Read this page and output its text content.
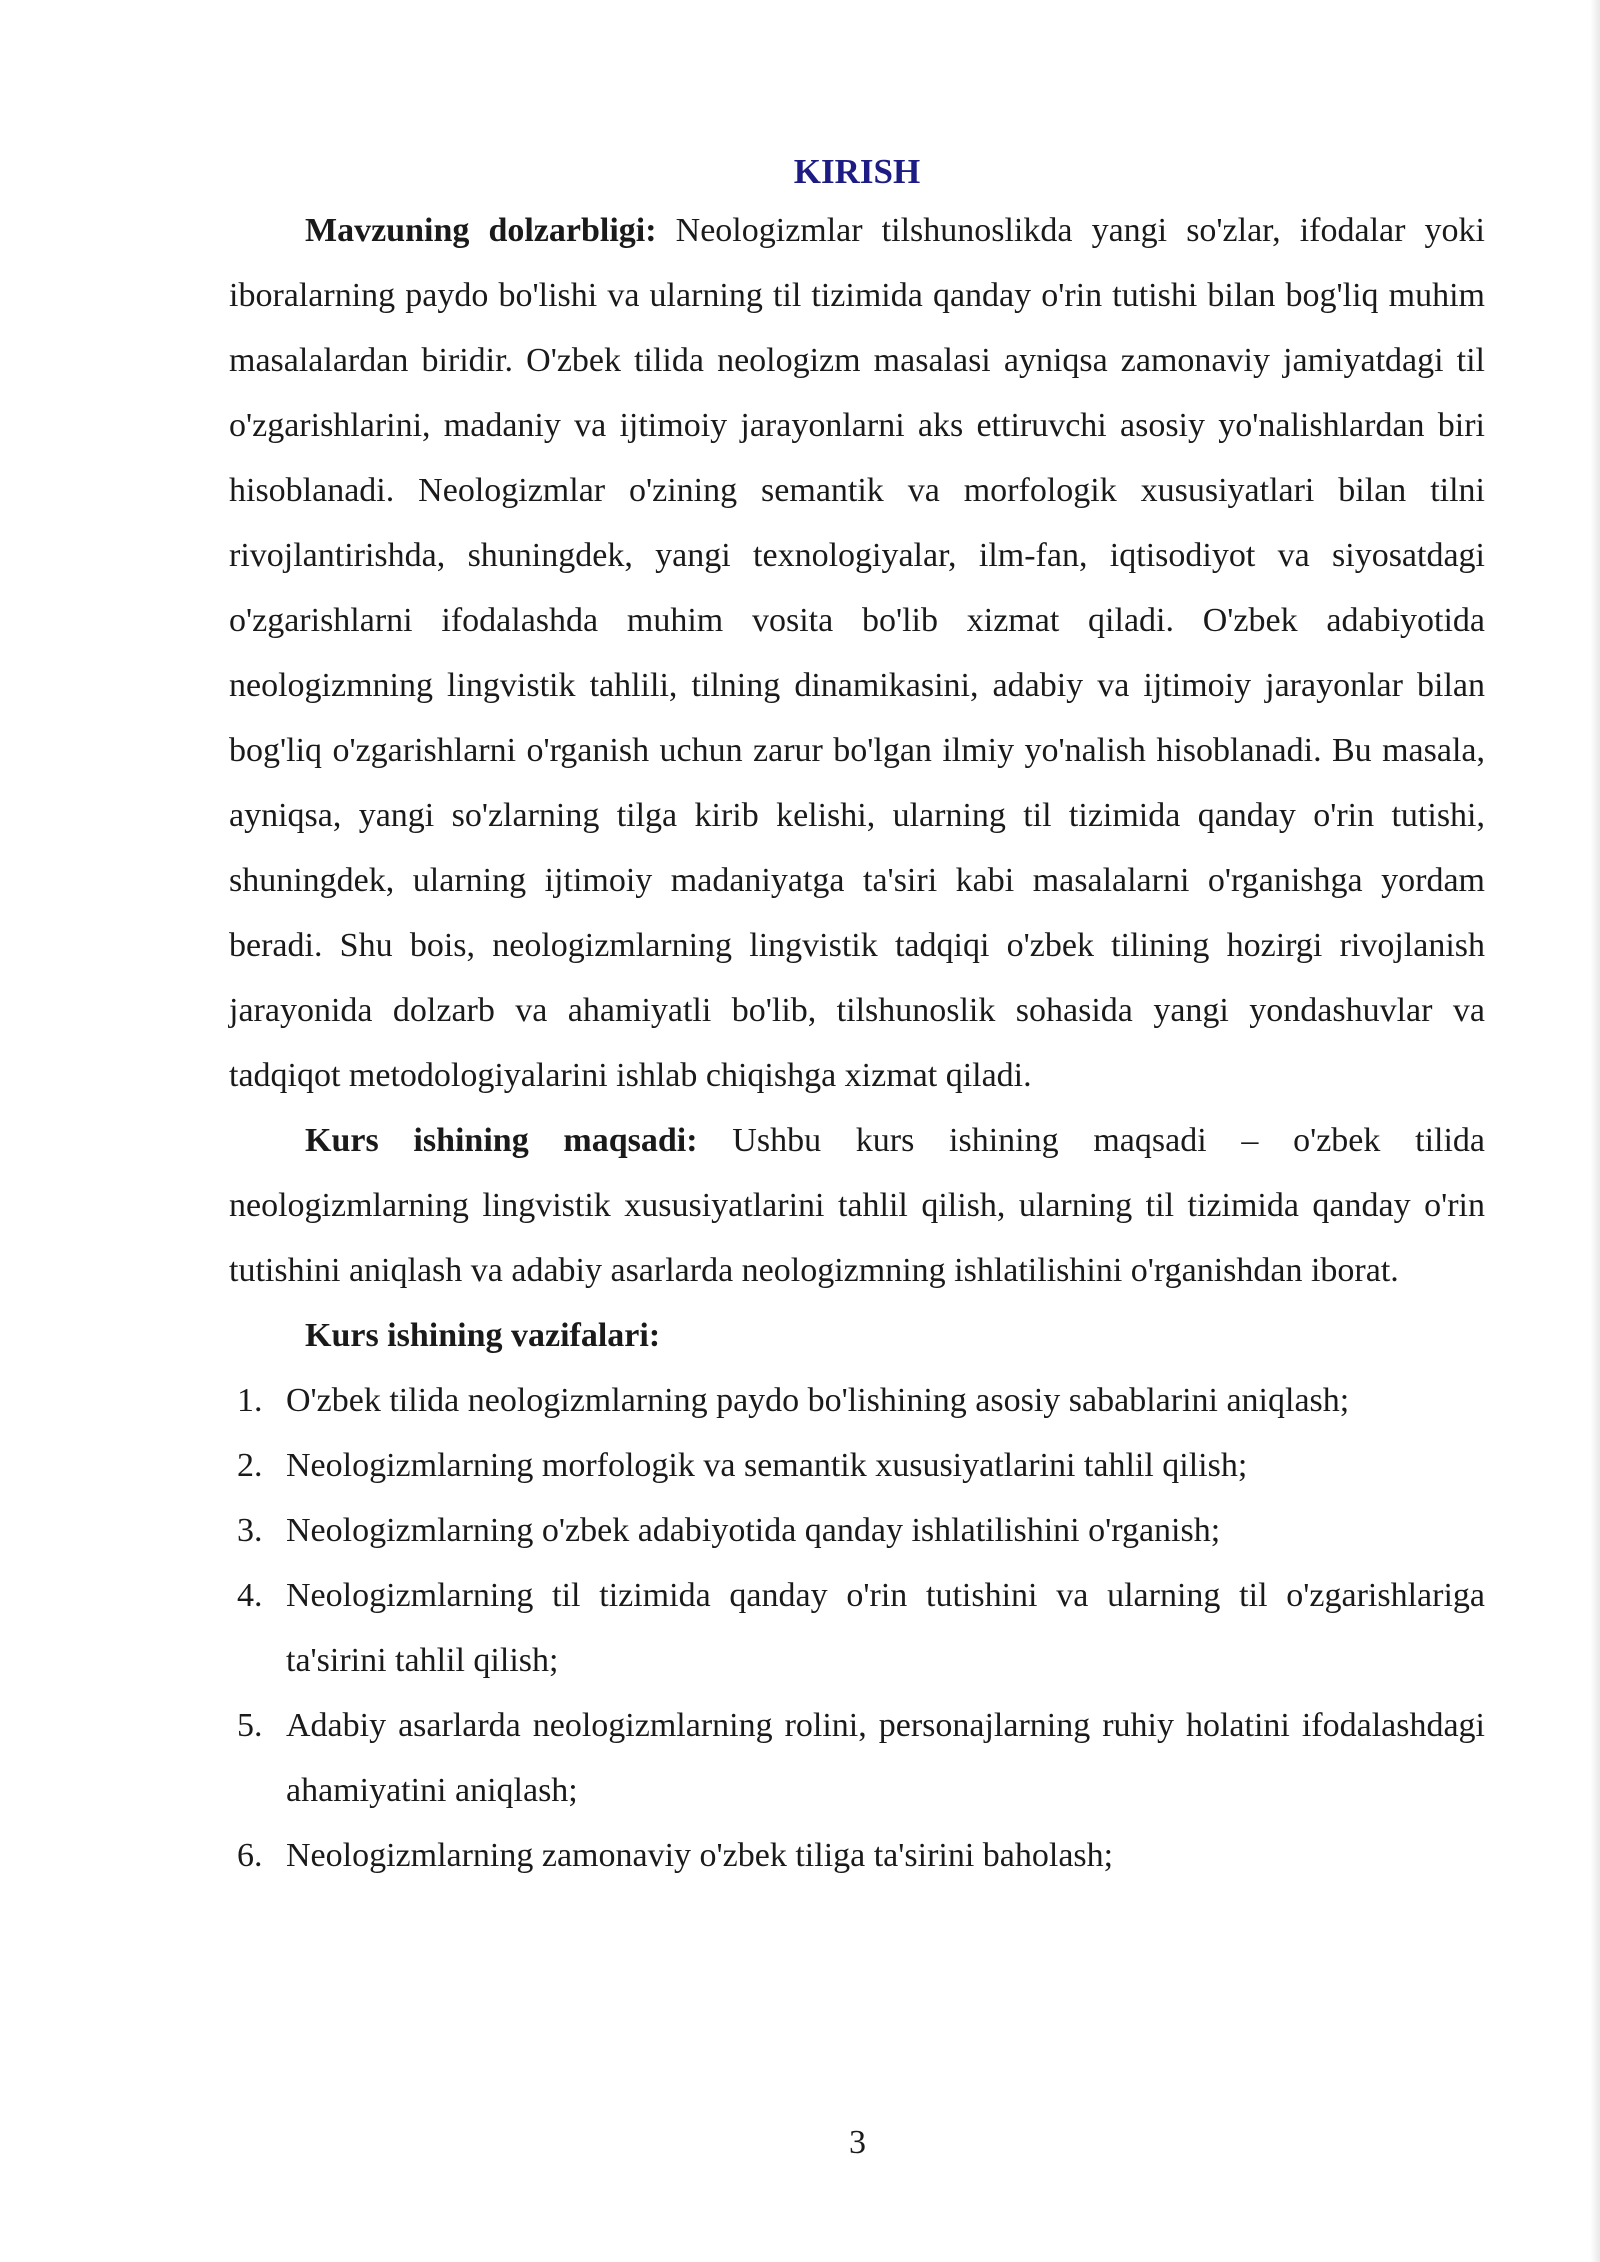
KIRISH

Mavzuning dolzarbligi: Neologizmlar tilshunoslikda yangi so'zlar, ifodalar yoki iboralarning paydo bo'lishi va ularning til tizimida qanday o'rin tutishi bilan bog'liq muhim masalalardan biridir. O'zbek tilida neologizm masalasi ayniqsa zamonaviy jamiyatdagi til o'zgarishlarini, madaniy va ijtimoiy jarayonlarni aks ettiruvchi asosiy yo'nalishlardan biri hisoblanadi. Neologizmlar o'zining semantik va morfologik xususiyatlari bilan tilni rivojlantirishda, shuningdek, yangi texnologiyalar, ilm-fan, iqtisodiyot va siyosatdagi o'zgarishlarni ifodalashda muhim vosita bo'lib xizmat qiladi. O'zbek adabiyotida neologizmning lingvistik tahlili, tilning dinamikasini, adabiy va ijtimoiy jarayonlar bilan bog'liq o'zgarishlarni o'rganish uchun zarur bo'lgan ilmiy yo'nalish hisoblanadi. Bu masala, ayniqsa, yangi so'zlarning tilga kirib kelishi, ularning til tizimida qanday o'rin tutishi, shuningdek, ularning ijtimoiy madaniyatga ta'siri kabi masalalarni o'rganishga yordam beradi. Shu bois, neologizmlarning lingvistik tadqiqi o'zbek tilining hozirgi rivojlanish jarayonida dolzarb va ahamiyatli bo'lib, tilshunoslik sohasida yangi yondashuvlar va tadqiqot metodologiyalarini ishlab chiqishga xizmat qiladi.

Kurs ishining maqsadi: Ushbu kurs ishining maqsadi – o'zbek tilida neologizmlarning lingvistik xususiyatlarini tahlil qilish, ularning til tizimida qanday o'rin tutishini aniqlash va adabiy asarlarda neologizmning ishlatilishini o'rganishdan iborat.

Kurs ishining vazifalari:

1. O'zbek tilida neologizmlarning paydo bo'lishining asosiy sabablarini aniqlash;
2. Neologizmlarning morfologik va semantik xususiyatlarini tahlil qilish;
3. Neologizmlarning o'zbek adabiyotida qanday ishlatilishini o'rganish;
4. Neologizmlarning til tizimida qanday o'rin tutishini va ularning til o'zgarishlariga ta'sirini tahlil qilish;
5. Adabiy asarlarda neologizmlarning rolini, personajlarning ruhiy holatini ifodalashdagi ahamiyatini aniqlash;
6. Neologizmlarning zamonaviy o'zbek tiliga ta'sirini baholash;
3
